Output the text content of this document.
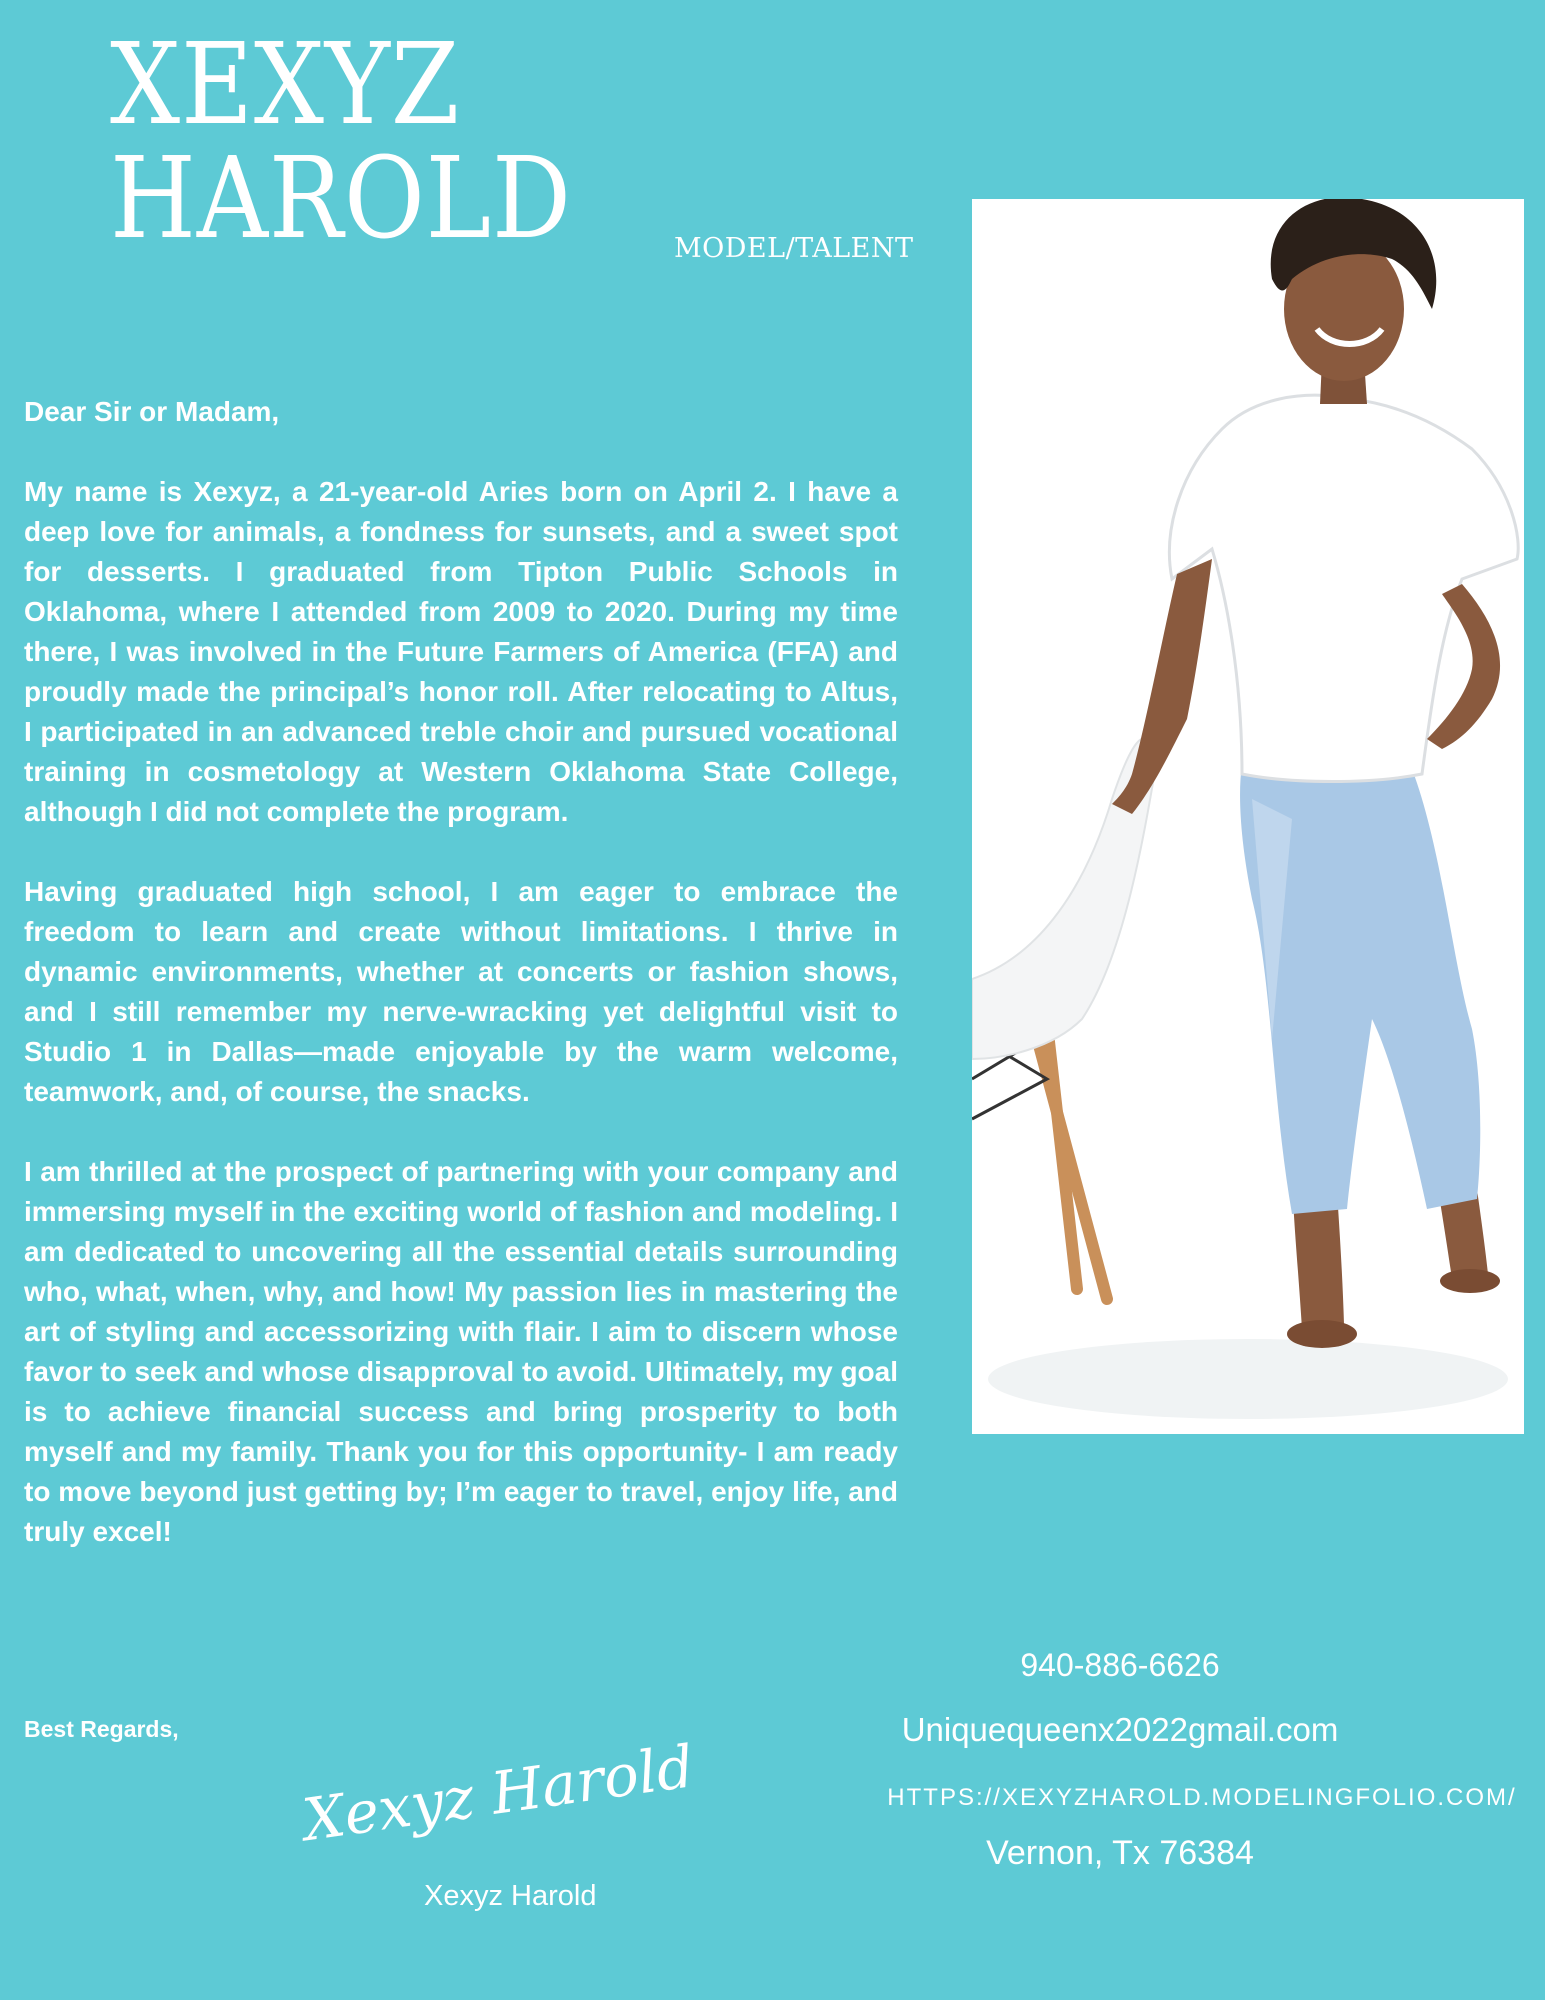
XEXYZ
HAROLD	MODEL/TALENT

Dear Sir or Madam,

My name is Xexyz, a 21-year-old Aries born on April 2. I have a deep love for animals, a fondness for sunsets, and a sweet spot for desserts. I graduated from Tipton Public Schools in Oklahoma, where I attended from 2009 to 2020. During my time there, I was involved in the Future Farmers of America (FFA) and proudly made the principal’s honor roll. After relocating to Altus, I participated in an advanced treble choir and pursued vocational training in cosmetology at Western Oklahoma State College, although I did not complete the program.

Having graduated high school, I am eager to embrace the freedom to learn and create without limitations. I thrive in dynamic environments, whether at concerts or fashion shows, and I still remember my nerve-wracking yet delightful visit to Studio 1 in Dallas—made enjoyable by the warm welcome, teamwork, and, of course, the snacks.

I am thrilled at the prospect of partnering with your company and immersing myself in the exciting world of fashion and modeling. I am dedicated to uncovering all the essential details surrounding who, what, when, why, and how! My passion lies in mastering the art of styling and accessorizing with flair. I aim to discern whose favor to seek and whose disapproval to avoid. Ultimately, my goal is to achieve financial success and bring prosperity to both myself and my family. Thank you for this opportunity- I am ready to move beyond just getting by; I’m eager to travel, enjoy life, and truly excel!

Best Regards,
Xexyz Harold
Xexyz Harold
940-886-6626
Uniquequeenx2022gmail.com
HTTPS://XEXYZHAROLD.MODELINGFOLIO.COM/
Vernon, Tx 76384
